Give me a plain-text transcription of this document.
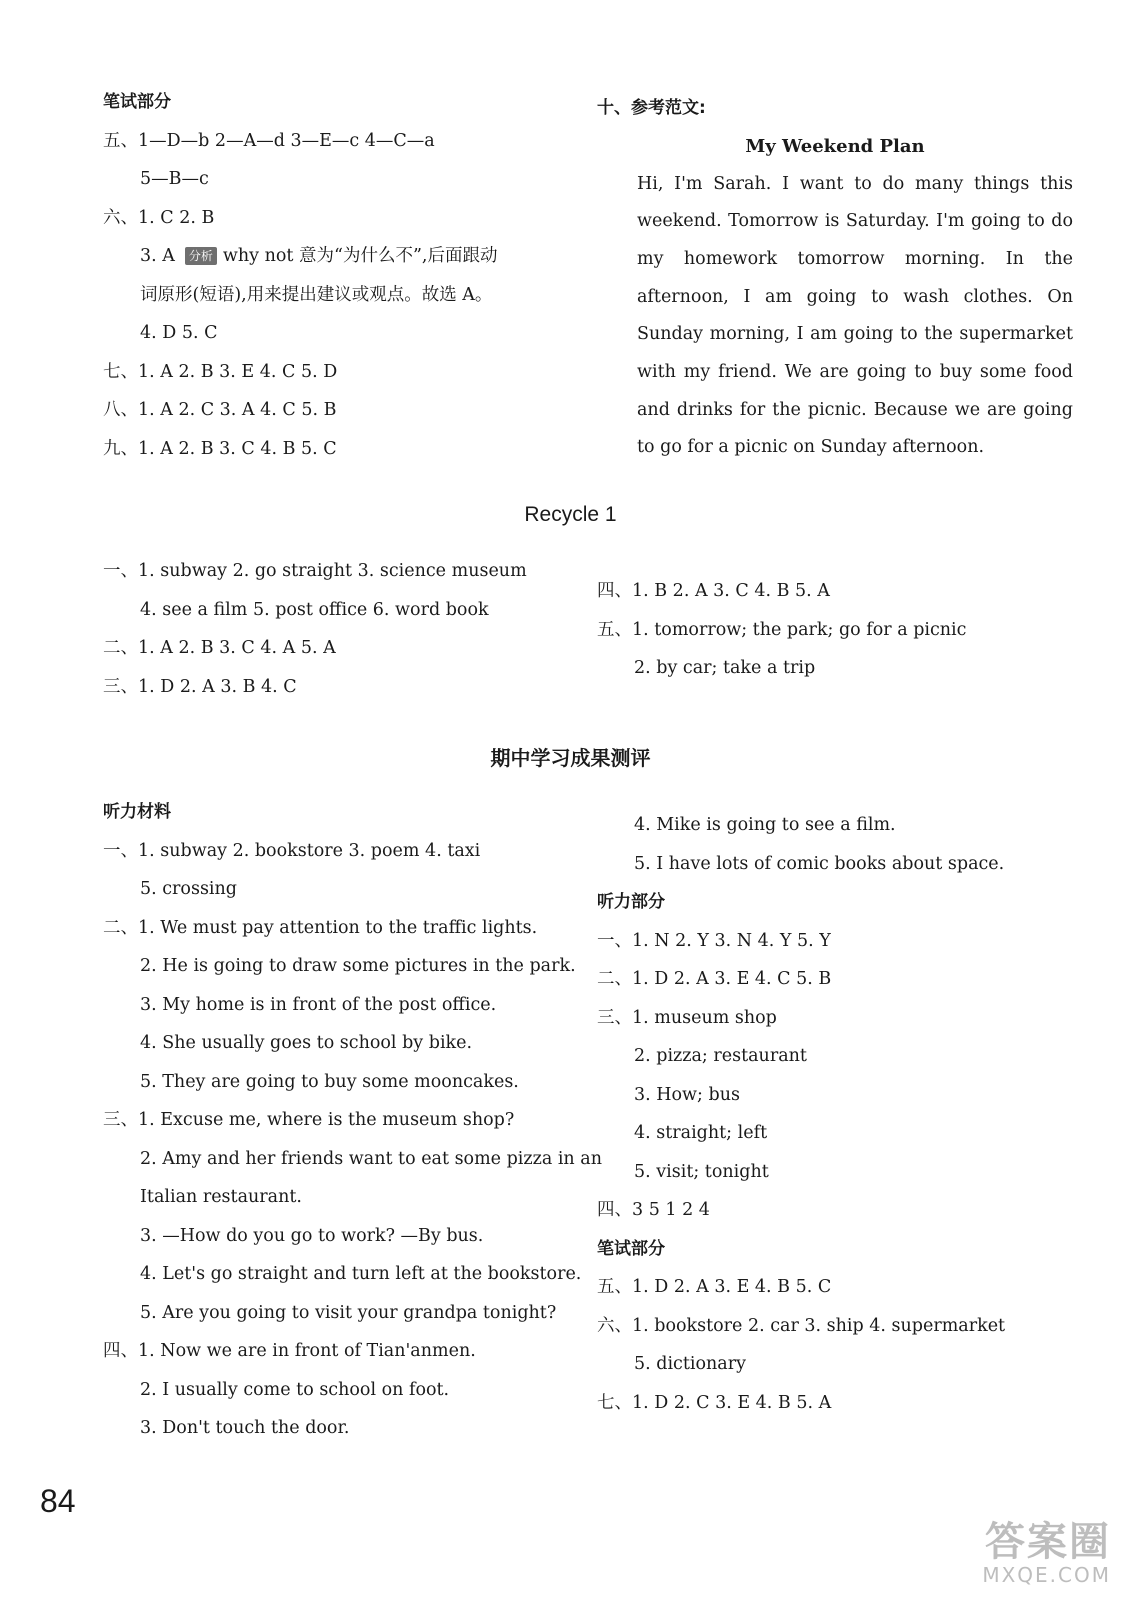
笔试部分
五、1—D—b 2—A—d 3—E—c 4—C—a
5—B—c
六、1. C 2. B
3. A 分析 why not 意为“为什么不”,后面跟动
词原形(短语),用来提出建议或观点。故选 A。
4. D 5. C
七、1. A 2. B 3. E 4. C 5. D
八、1. A 2. C 3. A 4. C 5. B
九、1. A 2. B 3. C 4. B 5. C
十、参考范文:
My Weekend Plan

Hi, I'm Sarah. I want to do many things this weekend. Tomorrow is Saturday. I'm going to do my homework tomorrow morning. In the afternoon, I am going to wash clothes. On Sunday morning, I am going to the supermarket with my friend. We are going to buy some food and drinks for the picnic. Because we are going to go for a picnic on Sunday afternoon.

Recycle 1
一、1. subway 2. go straight 3. science museum
4. see a film 5. post office 6. word book
二、1. A 2. B 3. C 4. A 5. A
三、1. D 2. A 3. B 4. C
四、1. B 2. A 3. C 4. B 5. A
五、1. tomorrow; the park; go for a picnic
2. by car; take a trip
期中学习成果测评
听力材料
一、1. subway 2. bookstore 3. poem 4. taxi
5. crossing
二、1. We must pay attention to the traffic lights.
2. He is going to draw some pictures in the park.
3. My home is in front of the post office.
4. She usually goes to school by bike.
5. They are going to buy some mooncakes.
三、1. Excuse me, where is the museum shop?
2. Amy and her friends want to eat some pizza in an
Italian restaurant.
3. —How do you go to work? —By bus.
4. Let's go straight and turn left at the bookstore.
5. Are you going to visit your grandpa tonight?
四、1. Now we are in front of Tian'anmen.
2. I usually come to school on foot.
3. Don't touch the door.
4. Mike is going to see a film.
5. I have lots of comic books about space.
听力部分
一、1. N 2. Y 3. N 4. Y 5. Y
二、1. D 2. A 3. E 4. C 5. B
三、1. museum shop
2. pizza; restaurant
3. How; bus
4. straight; left
5. visit; tonight
四、3 5 1 2 4
笔试部分
五、1. D 2. A 3. E 4. B 5. C
六、1. bookstore 2. car 3. ship 4. supermarket
5. dictionary
七、1. D 2. C 3. E 4. B 5. A
84
答案圈
MXQE.COM
